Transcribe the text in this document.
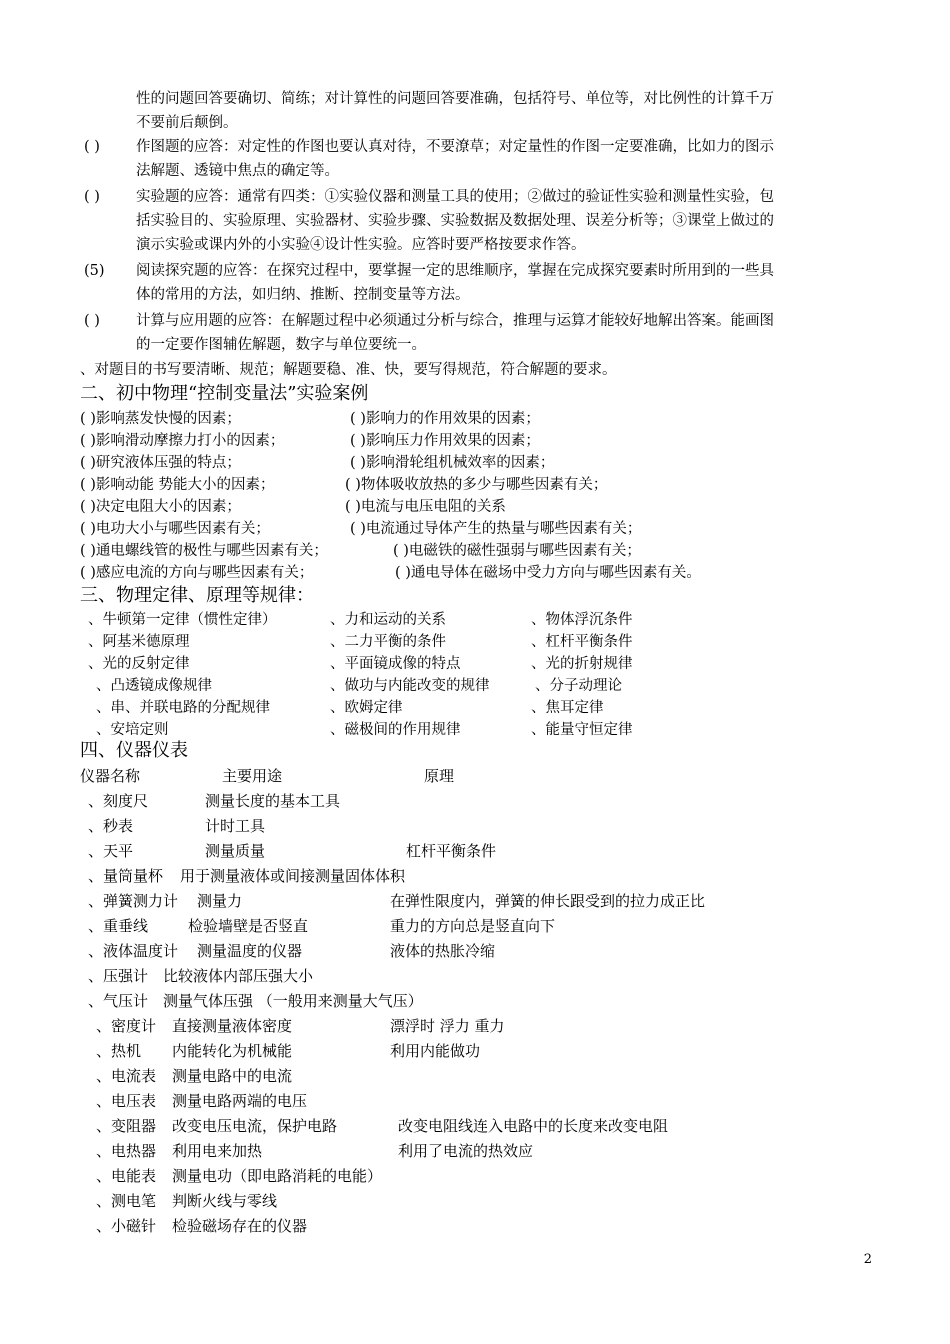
性的问题回答要确切、简练；对计算性的问题回答要准确，包括符号、单位等，对比例性的计算千万
不要前后颠倒。
( ) 作图题的应答：对定性的作图也要认真对待，不要潦草；对定量性的作图一定要准确，比如力的图示
法解题、透镜中焦点的确定等。
( ) 实验题的应答：通常有四类：①实验仪器和测量工具的使用；②做过的验证性实验和测量性实验，包
括实验目的、实验原理、实验器材、实验步骤、实验数据及数据处理、误差分析等；③课堂上做过的
演示实验或课内外的小实验④设计性实验。应答时要严格按要求作答。
(5) 阅读探究题的应答：在探究过程中，要掌握一定的思维顺序，掌握在完成探究要素时所用到的一些具
体的常用的方法，如归纳、推断、控制变量等方法。
( ) 计算与应用题的应答：在解题过程中必须通过分析与综合，推理与运算才能较好地解出答案。能画图
的一定要作图辅佐解题，数字与单位要统一。
、对题目的书写要清晰、规范；解题要稳、准、快，要写得规范，符合解题的要求。
二、初中物理“控制变量法”实验案例
( )影响蒸发快慢的因素；	( )影响力的作用效果的因素；
( )影响滑动摩擦力打小的因素；	( )影响压力作用效果的因素；
( )研究液体压强的特点；	( )影响滑轮组机械效率的因素；
( )影响动能 势能大小的因素；	( )物体吸收放热的多少与哪些因素有关；
( )决定电阻大小的因素；	( )电流与电压电阻的关系
( )电功大小与哪些因素有关；	( )电流通过导体产生的热量与哪些因素有关；
( )通电螺线管的极性与哪些因素有关；	( )电磁铁的磁性强弱与哪些因素有关；
( )感应电流的方向与哪些因素有关；	( )通电导体在磁场中受力方向与哪些因素有关。
三、物理定律、原理等规律：
、牛顿第一定律（惯性定律）	、力和运动的关系	、物体浮沉条件
、阿基米德原理	、二力平衡的条件	、杠杆平衡条件
、光的反射定律	、平面镜成像的特点	、光的折射规律
、凸透镜成像规律	、做功与内能改变的规律	、分子动理论
、串、并联电路的分配规律	、欧姆定律	、焦耳定律
、安培定则	、磁极间的作用规律	、能量守恒定律
四、仪器仪表
仪器名称	主要用途	原理
、刻度尺	测量长度的基本工具
、秒表	计时工具
、天平	测量质量	杠杆平衡条件
、量筒量杯 用于测量液体或间接测量固体体积
、弹簧测力计 测量力	在弹性限度内，弹簧的伸长跟受到的拉力成正比
、重垂线	检验墙壁是否竖直	重力的方向总是竖直向下
、液体温度计 测量温度的仪器	液体的热胀冷缩
、压强计 比较液体内部压强大小
、气压计 测量气体压强 （一般用来测量大气压）
、密度计 直接测量液体密度	漂浮时 浮力 重力
、热机 内能转化为机械能	利用内能做功
、电流表 测量电路中的电流
、电压表 测量电路两端的电压
、变阻器 改变电压电流，保护电路	改变电阻线连入电路中的长度来改变电阻
、电热器 利用电来加热	利用了电流的热效应
、电能表 测量电功（即电路消耗的电能）
、测电笔 判断火线与零线
、小磁针 检验磁场存在的仪器
2
